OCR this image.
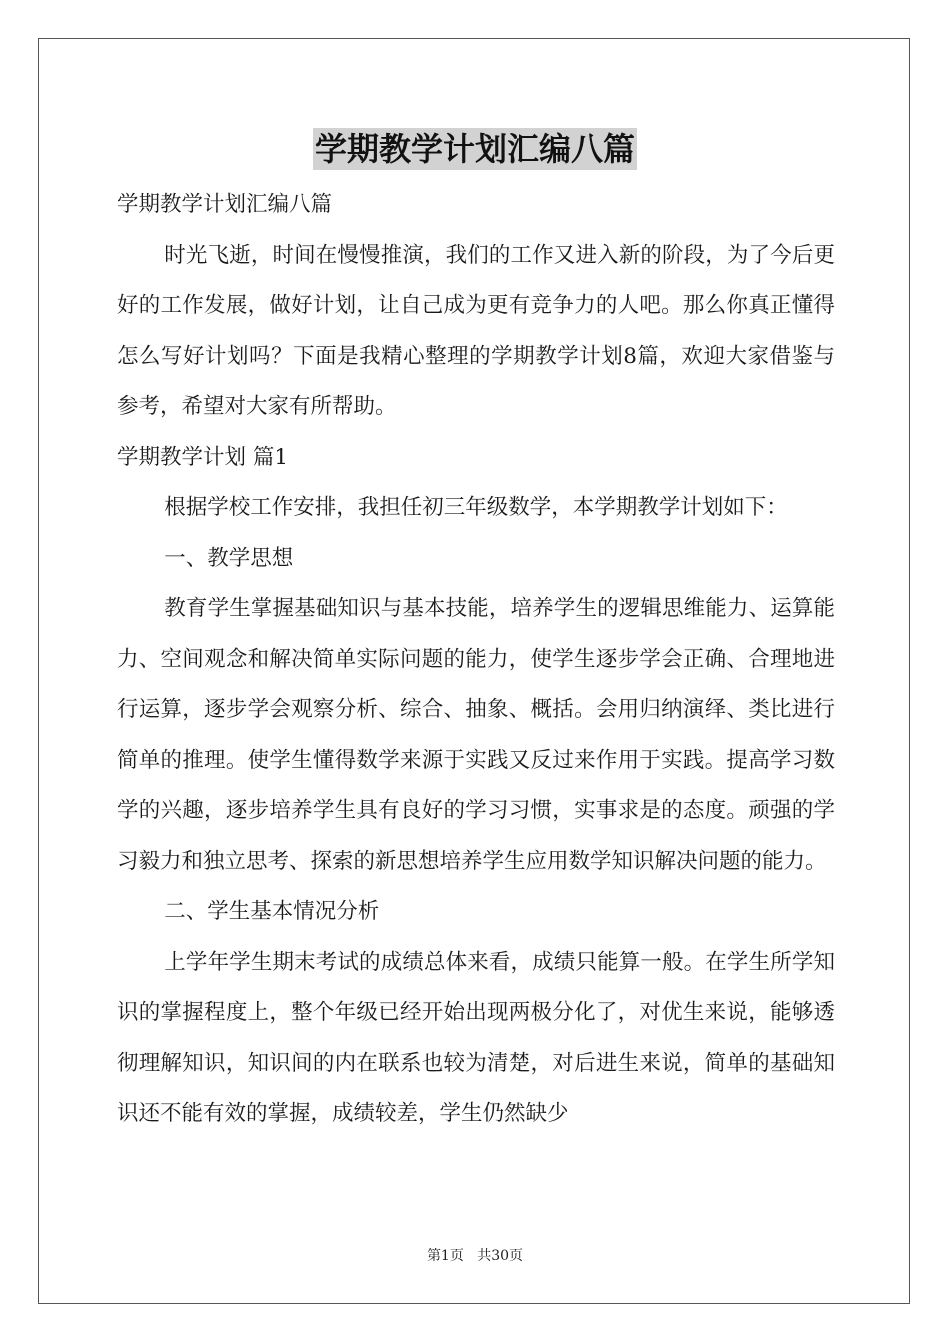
学期教学计划汇编八篇

学期教学计划汇编八篇

时光飞逝，时间在慢慢推演，我们的工作又进入新的阶段，为了今后更好的工作发展，做好计划，让自己成为更有竞争力的人吧。那么你真正懂得怎么写好计划吗？下面是我精心整理的学期教学计划8篇，欢迎大家借鉴与参考，希望对大家有所帮助。

学期教学计划 篇1

根据学校工作安排，我担任初三年级数学，本学期教学计划如下：

一、教学思想

教育学生掌握基础知识与基本技能，培养学生的逻辑思维能力、运算能力、空间观念和解决简单实际问题的能力，使学生逐步学会正确、合理地进行运算，逐步学会观察分析、综合、抽象、概括。会用归纳演绎、类比进行简单的推理。使学生懂得数学来源于实践又反过来作用于实践。提高学习数学的兴趣，逐步培养学生具有良好的学习习惯，实事求是的态度。顽强的学习毅力和独立思考、探索的新思想培养学生应用数学知识解决问题的能力。

二、学生基本情况分析

上学年学生期末考试的成绩总体来看，成绩只能算一般。在学生所学知识的掌握程度上，整个年级已经开始出现两极分化了，对优生来说，能够透彻理解知识，知识间的内在联系也较为清楚，对后进生来说，简单的基础知识还不能有效的掌握，成绩较差，学生仍然缺少

第1页 共30页
